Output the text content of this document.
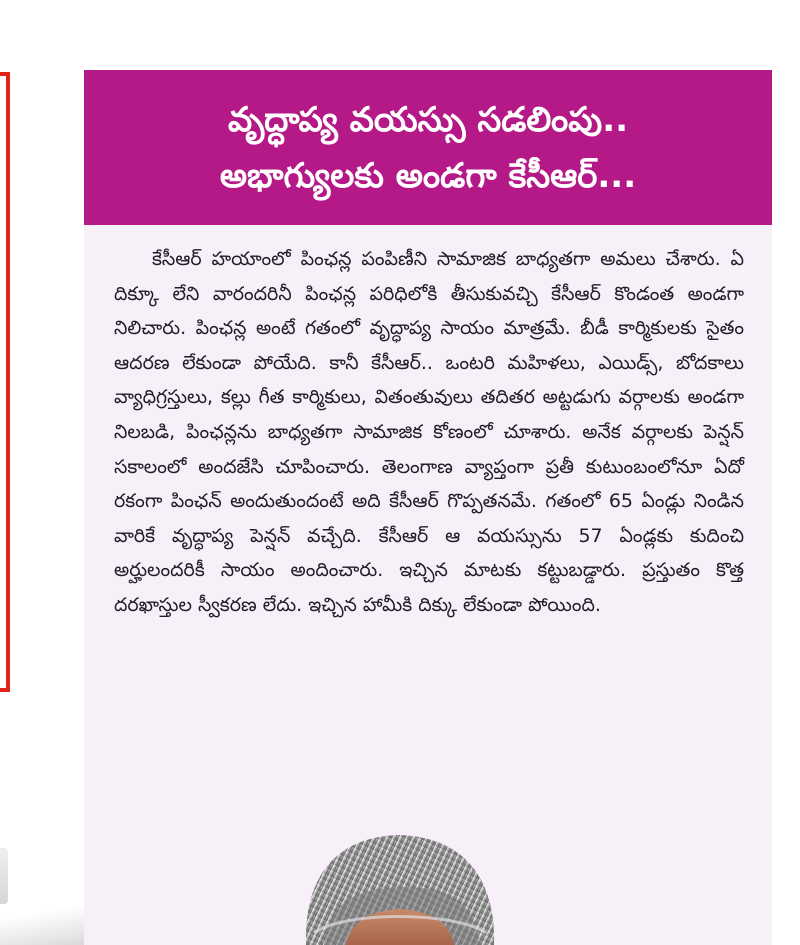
వృద్ధాప్య వయస్సు సడలింపు..
అభాగ్యులకు అండగా కేసీఆర్...

కేసీఆర్ హయాంలో పింఛన్ల పంపిణీని సామాజిక బాధ్యతగా అమలు చేశారు. ఏ దిక్కూ లేని వారందరినీ పింఛన్ల పరిధిలోకి తీసుకువచ్చి కేసీఆర్ కొండంత అండగా నిలిచారు. పింఛన్ల అంటే గతంలో వృద్ధాప్య సాయం మాత్రమే. బీడీ కార్మికులకు సైతం ఆదరణ లేకుండా పోయేది. కానీ కేసీఆర్.. ఒంటరి మహిళలు, ఎయిడ్స్, బోదకాలు వ్యాధిగ్రస్తులు, కల్లు గీత కార్మికులు, వితంతువులు తదితర అట్టడుగు వర్గాలకు అండగా నిలబడి, పింఛన్లను బాధ్యతగా సామాజిక కోణంలో చూశారు. అనేక వర్గాలకు పెన్షన్ సకాలంలో అందజేసి చూపించారు. తెలంగాణ వ్యాప్తంగా ప్రతీ కుటుంబంలోనూ ఏదో రకంగా పింఛన్ అందుతుందంటే అది కేసీఆర్ గొప్పతనమే. గతంలో 65 ఏండ్లు నిండిన వారికే వృద్ధాప్య పెన్షన్ వచ్చేది. కేసీఆర్ ఆ వయస్సును 57 ఏండ్లకు కుదించి అర్హులందరికీ సాయం అందించారు. ఇచ్చిన మాటకు కట్టుబడ్డారు. ప్రస్తుతం కొత్త దరఖాస్తుల స్వీకరణ లేదు. ఇచ్చిన హామీకి దిక్కు లేకుండా పోయింది.
